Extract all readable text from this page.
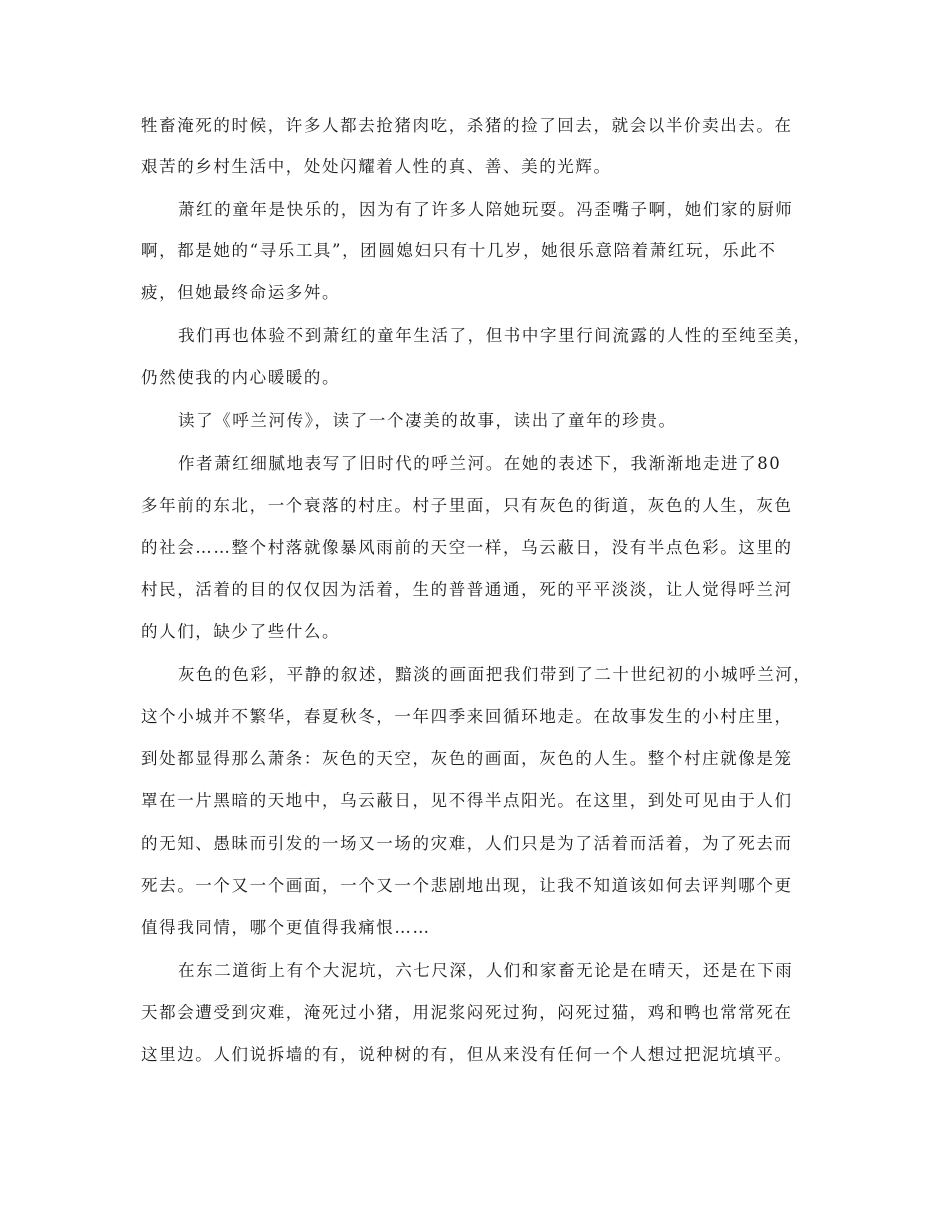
牲畜淹死的时候，许多人都去抢猪肉吃，杀猪的捡了回去，就会以半价卖出去。在
艰苦的乡村生活中，处处闪耀着人性的真、善、美的光辉。
萧红的童年是快乐的，因为有了许多人陪她玩耍。冯歪嘴子啊，她们家的厨师
啊，都是她的“寻乐工具”，团圆媳妇只有十几岁，她很乐意陪着萧红玩，乐此不
疲，但她最终命运多舛。
我们再也体验不到萧红的童年生活了，但书中字里行间流露的人性的至纯至美，
仍然使我的内心暖暖的。
读了《呼兰河传》，读了一个凄美的故事，读出了童年的珍贵。
作者萧红细腻地表写了旧时代的呼兰河。在她的表述下，我渐渐地走进了80
多年前的东北，一个衰落的村庄。村子里面，只有灰色的街道，灰色的人生，灰色
的社会……整个村落就像暴风雨前的天空一样，乌云蔽日，没有半点色彩。这里的
村民，活着的目的仅仅因为活着，生的普普通通，死的平平淡淡，让人觉得呼兰河
的人们，缺少了些什么。
灰色的色彩，平静的叙述，黯淡的画面把我们带到了二十世纪初的小城呼兰河，
这个小城并不繁华，春夏秋冬，一年四季来回循环地走。在故事发生的小村庄里，
到处都显得那么萧条：灰色的天空，灰色的画面，灰色的人生。整个村庄就像是笼
罩在一片黑暗的天地中，乌云蔽日，见不得半点阳光。在这里，到处可见由于人们
的无知、愚昧而引发的一场又一场的灾难，人们只是为了活着而活着，为了死去而
死去。一个又一个画面，一个又一个悲剧地出现，让我不知道该如何去评判哪个更
值得我同情，哪个更值得我痛恨……
在东二道街上有个大泥坑，六七尺深，人们和家畜无论是在晴天，还是在下雨
天都会遭受到灾难，淹死过小猪，用泥浆闷死过狗，闷死过猫，鸡和鸭也常常死在
这里边。人们说拆墙的有，说种树的有，但从来没有任何一个人想过把泥坑填平。
